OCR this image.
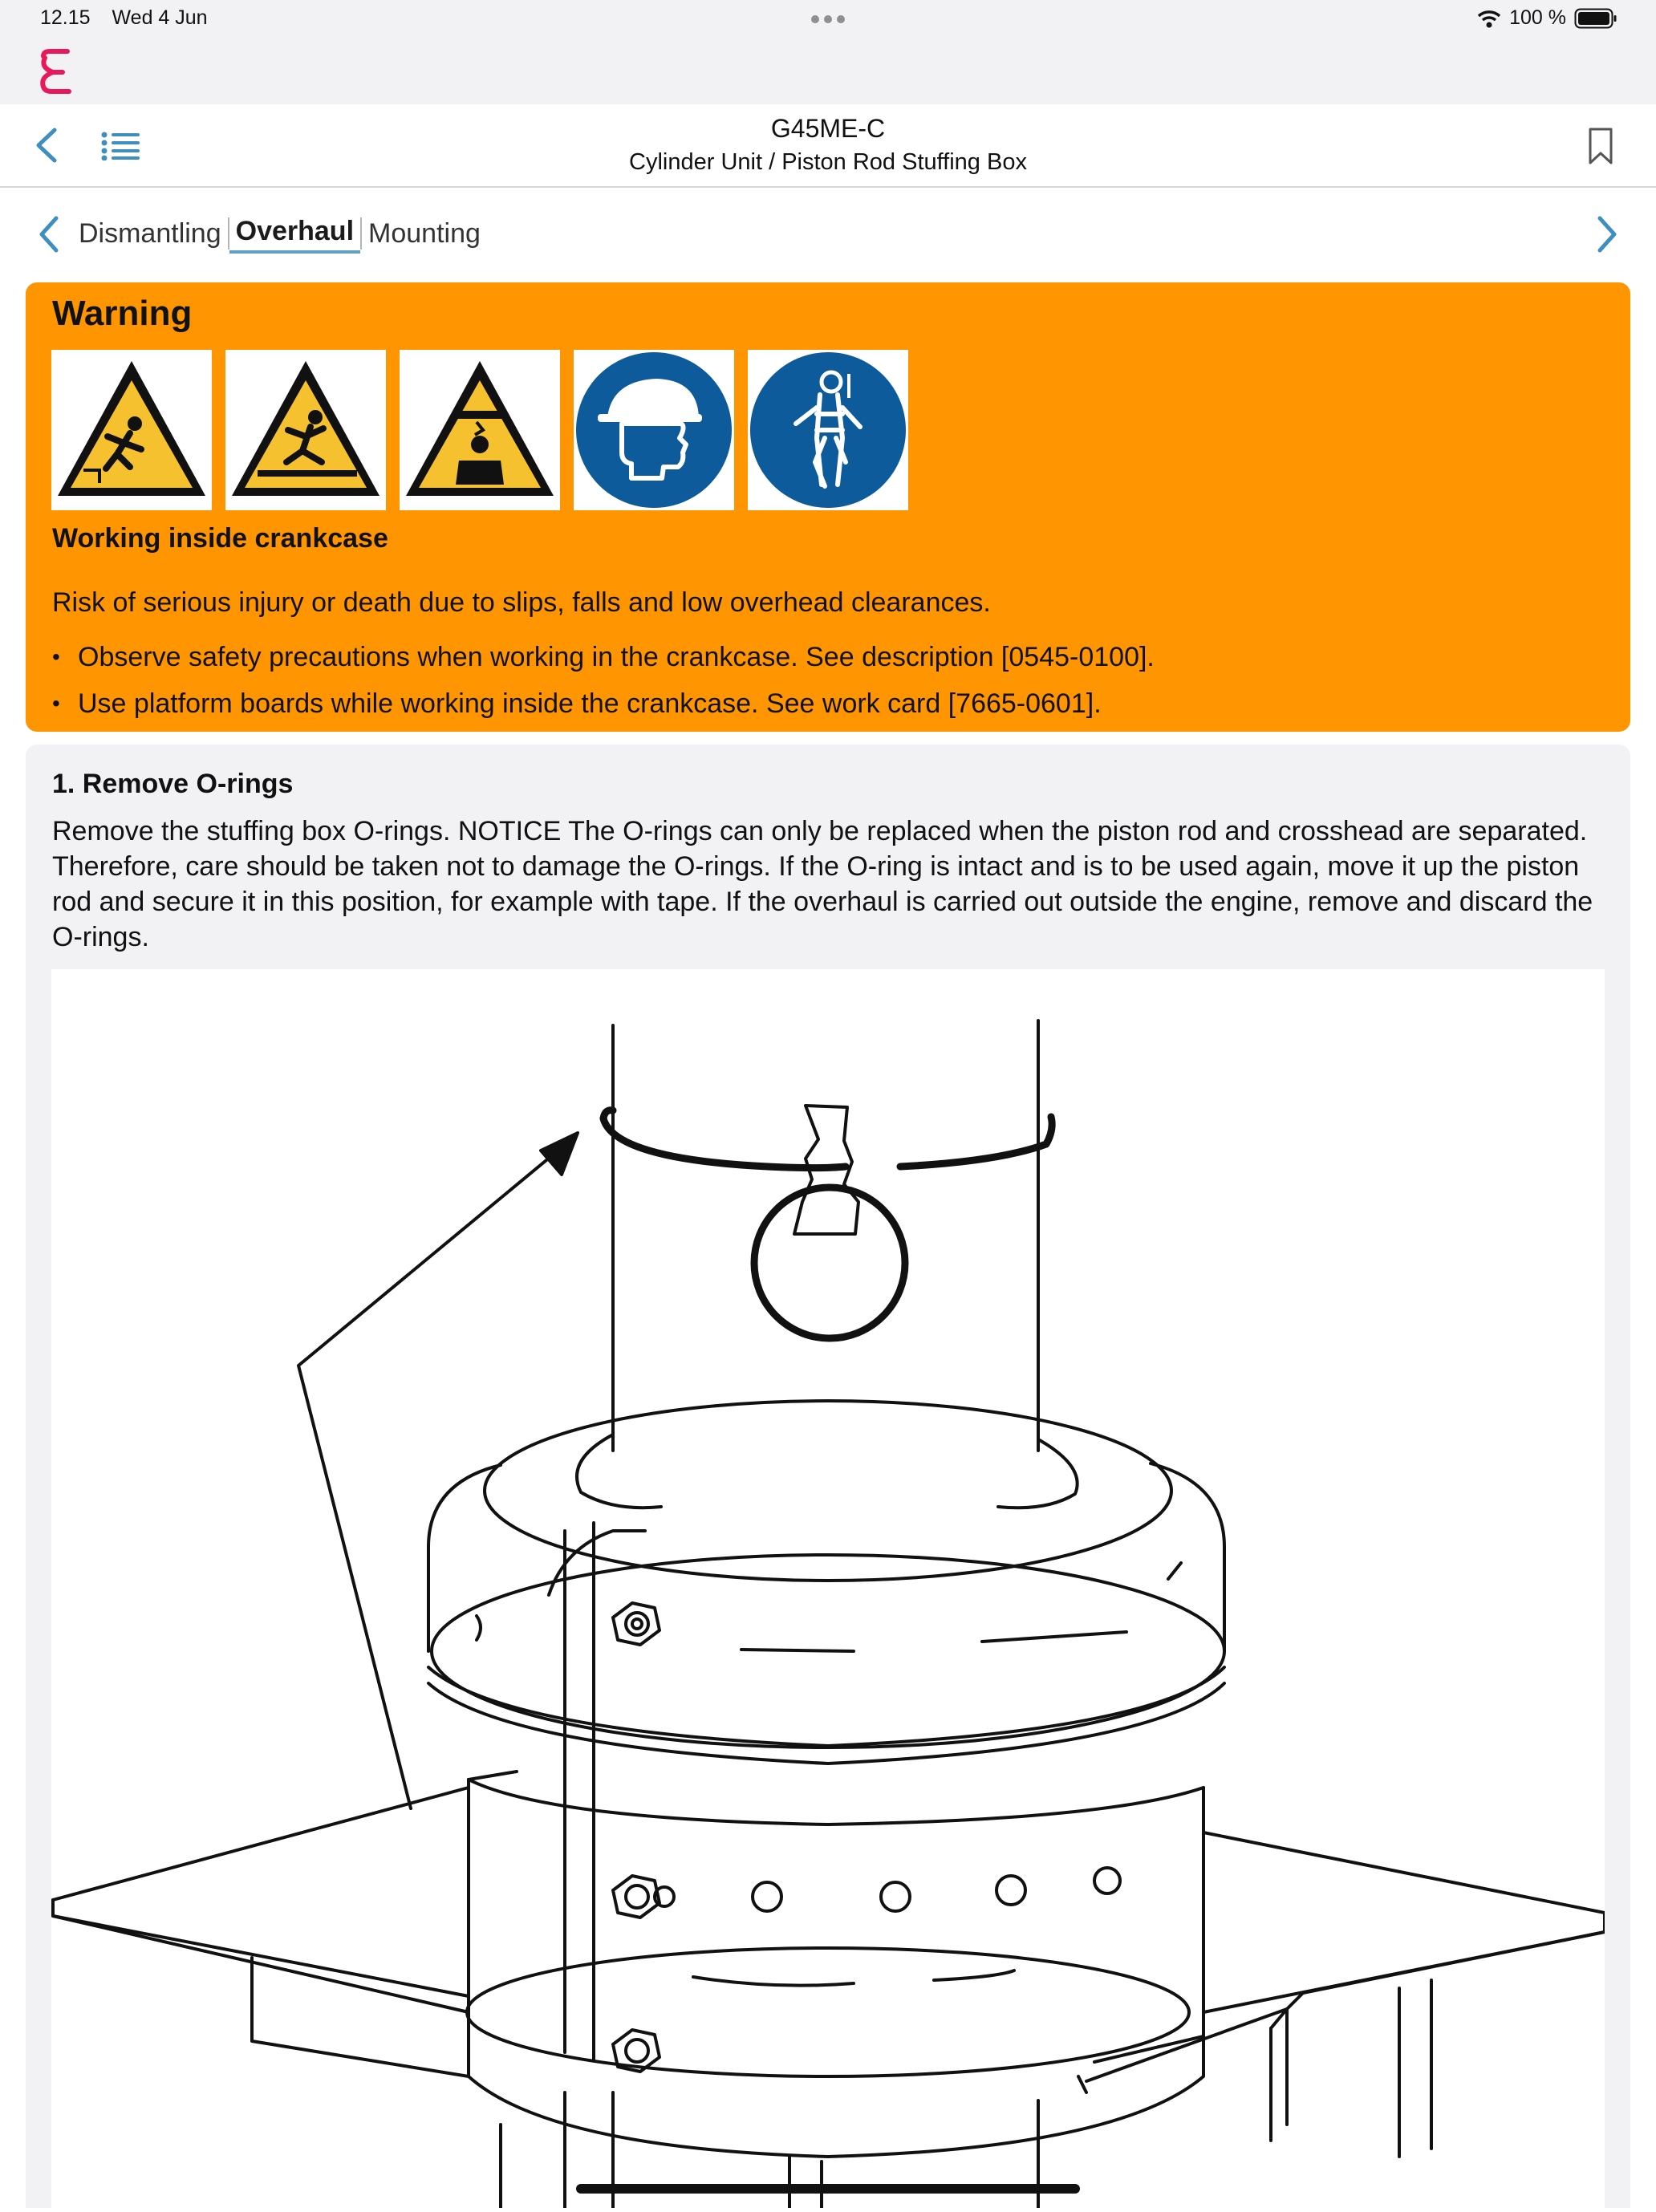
12.15 Wed 4 Jun	100 %
G45ME-C
Cylinder Unit / Piston Rod Stuffing Box
Dismantling Overhaul Mounting
Warning
Working inside crankcase
Risk of serious injury or death due to slips, falls and low overhead clearances.
• Observe safety precautions when working in the crankcase. See description [0545-0100].
• Use platform boards while working inside the crankcase. See work card [7665-0601].
1. Remove O-rings
Remove the stuffing box O-rings. NOTICE The O-rings can only be replaced when the piston rod and crosshead are separated. Therefore, care should be taken not to damage the O-rings. If the O-ring is intact and is to be used again, move it up the piston rod and secure it in this position, for example with tape. If the overhaul is carried out outside the engine, remove and discard the O-rings.
